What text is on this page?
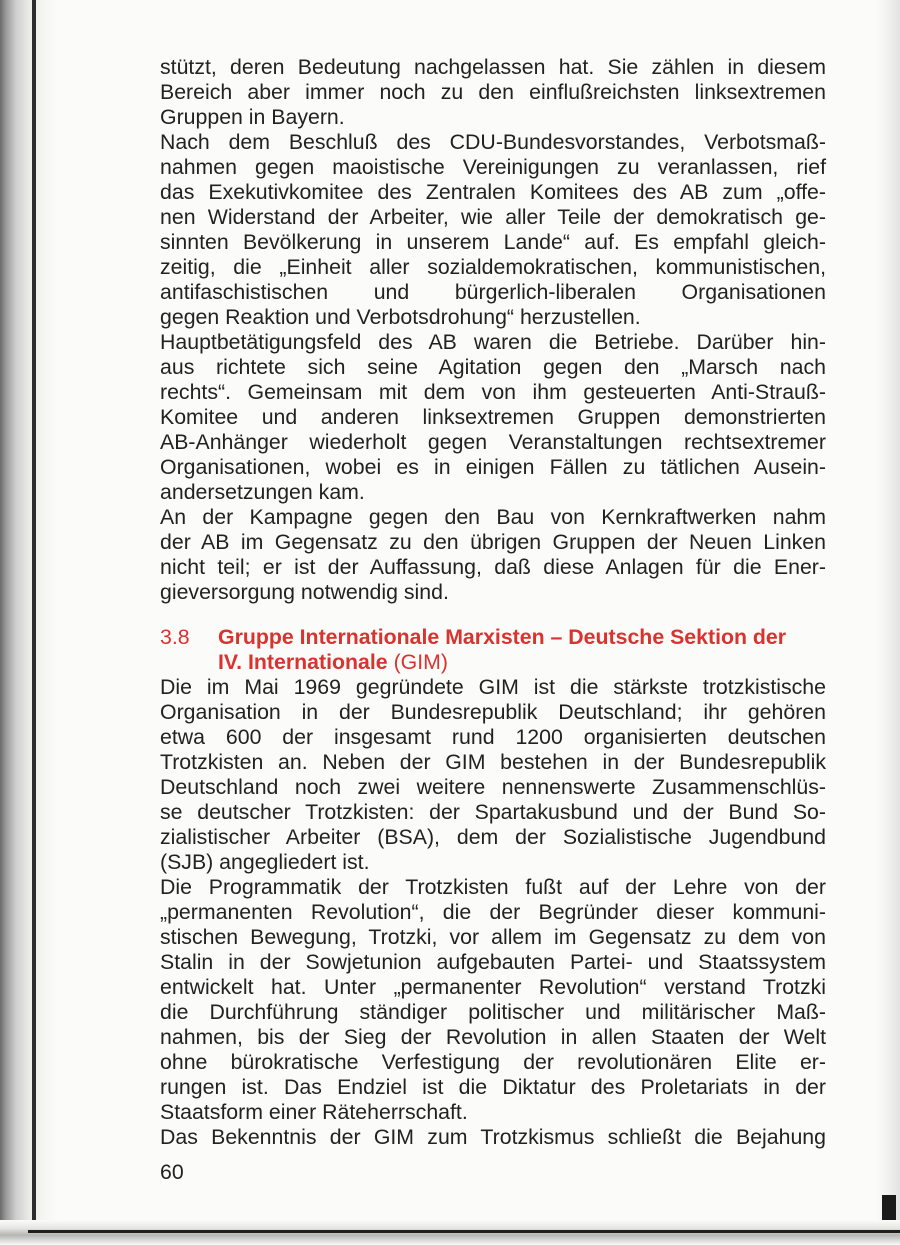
stützt, deren Bedeutung nachgelassen hat. Sie zählen in diesem
Bereich aber immer noch zu den einflußreichsten linksextremen
Gruppen in Bayern.
Nach dem Beschluß des CDU-Bundesvorstandes, Verbotsmaß-
nahmen gegen maoistische Vereinigungen zu veranlassen, rief
das Exekutivkomitee des Zentralen Komitees des AB zum „offe-
nen Widerstand der Arbeiter, wie aller Teile der demokratisch ge-
sinnten Bevölkerung in unserem Lande“ auf. Es empfahl gleich-
zeitig, die „Einheit aller sozialdemokratischen, kommunistischen,
antifaschistischen und bürgerlich-liberalen Organisationen
gegen Reaktion und Verbotsdrohung“ herzustellen.
Hauptbetätigungsfeld des AB waren die Betriebe. Darüber hin-
aus richtete sich seine Agitation gegen den „Marsch nach
rechts“. Gemeinsam mit dem von ihm gesteuerten Anti-Strauß-
Komitee und anderen linksextremen Gruppen demonstrierten
AB-Anhänger wiederholt gegen Veranstaltungen rechtsextremer
Organisationen, wobei es in einigen Fällen zu tätlichen Ausein-
andersetzungen kam.
An der Kampagne gegen den Bau von Kernkraftwerken nahm
der AB im Gegensatz zu den übrigen Gruppen der Neuen Linken
nicht teil; er ist der Auffassung, daß diese Anlagen für die Ener-
gieversorgung notwendig sind.
3.8 Gruppe Internationale Marxisten – Deutsche Sektion der
IV. Internationale (GIM)
Die im Mai 1969 gegründete GIM ist die stärkste trotzkistische
Organisation in der Bundesrepublik Deutschland; ihr gehören
etwa 600 der insgesamt rund 1200 organisierten deutschen
Trotzkisten an. Neben der GIM bestehen in der Bundesrepublik
Deutschland noch zwei weitere nennenswerte Zusammenschlüs-
se deutscher Trotzkisten: der Spartakusbund und der Bund So-
zialistischer Arbeiter (BSA), dem der Sozialistische Jugendbund
(SJB) angegliedert ist.
Die Programmatik der Trotzkisten fußt auf der Lehre von der
„permanenten Revolution“, die der Begründer dieser kommuni-
stischen Bewegung, Trotzki, vor allem im Gegensatz zu dem von
Stalin in der Sowjetunion aufgebauten Partei- und Staatssystem
entwickelt hat. Unter „permanenter Revolution“ verstand Trotzki
die Durchführung ständiger politischer und militärischer Maß-
nahmen, bis der Sieg der Revolution in allen Staaten der Welt
ohne bürokratische Verfestigung der revolutionären Elite er-
rungen ist. Das Endziel ist die Diktatur des Proletariats in der
Staatsform einer Räteherrschaft.
Das Bekenntnis der GIM zum Trotzkismus schließt die Bejahung
60
